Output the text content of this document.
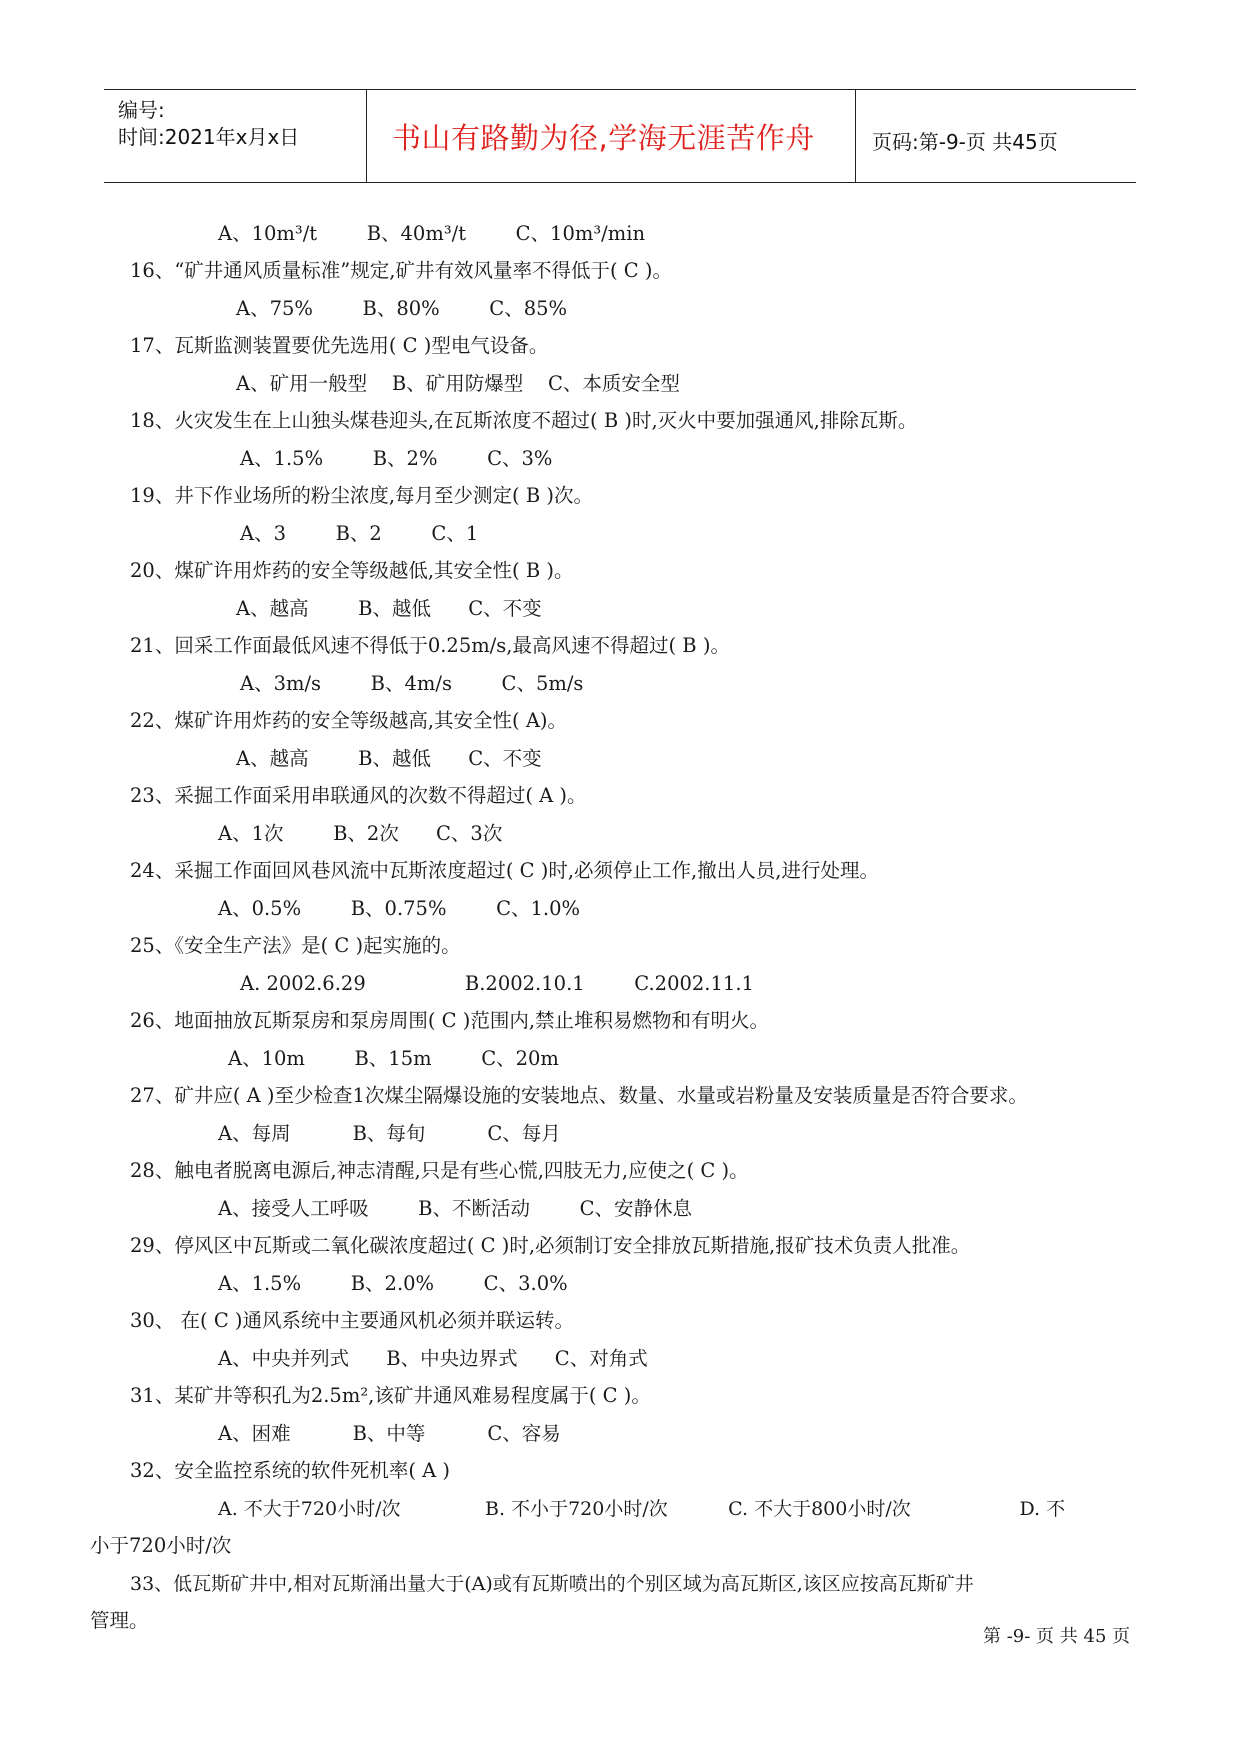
编号:
时间:2021年x月x日	书山有路勤为径,学海无涯苦作舟	页码:第-9-页 共45页
A、10m³/t        B、40m³/t        C、10m³/min
16、“矿井通风质量标准”规定,矿井有效风量率不得低于( C )。
A、75%        B、80%        C、85%
17、瓦斯监测装置要优先选用( C )型电气设备。
A、矿用一般型    B、矿用防爆型    C、本质安全型
18、火灾发生在上山独头煤巷迎头,在瓦斯浓度不超过( B )时,灭火中要加强通风,排除瓦斯。
A、1.5%        B、2%        C、3%
19、井下作业场所的粉尘浓度,每月至少测定( B )次。
A、3        B、2        C、1
20、煤矿许用炸药的安全等级越低,其安全性( B )。
A、越高        B、越低      C、不变
21、回采工作面最低风速不得低于0.25m/s,最高风速不得超过( B )。
A、3m/s        B、4m/s        C、5m/s
22、煤矿许用炸药的安全等级越高,其安全性( A)。
A、越高        B、越低      C、不变
23、采掘工作面采用串联通风的次数不得超过( A )。
A、1次        B、2次      C、3次
24、采掘工作面回风巷风流中瓦斯浓度超过( C )时,必须停止工作,撤出人员,进行处理。
A、0.5%        B、0.75%        C、1.0%
25、《安全生产法》是( C )起实施的。
A. 2002.6.29                B.2002.10.1        C.2002.11.1
26、地面抽放瓦斯泵房和泵房周围( C )范围内,禁止堆积易燃物和有明火。
A、10m        B、15m        C、20m
27、矿井应( A )至少检查1次煤尘隔爆设施的安装地点、数量、水量或岩粉量及安装质量是否符合要求。
A、每周          B、每旬          C、每月
28、触电者脱离电源后,神志清醒,只是有些心慌,四肢无力,应使之( C )。
A、接受人工呼吸        B、不断活动        C、安静休息
29、停风区中瓦斯或二氧化碳浓度超过( C )时,必须制订安全排放瓦斯措施,报矿技术负责人批准。
A、1.5%        B、2.0%        C、3.0%
30、 在( C )通风系统中主要通风机必须并联运转。
A、中央并列式      B、中央边界式      C、对角式
31、某矿井等积孔为2.5m²,该矿井通风难易程度属于( C )。
A、困难          B、中等          C、容易
32、安全监控系统的软件死机率( A )
A. 不大于720小时/次              B. 不小于720小时/次          C. 不大于800小时/次                  D. 不
小于720小时/次
33、低瓦斯矿井中,相对瓦斯涌出量大于(A)或有瓦斯喷出的个别区域为高瓦斯区,该区应按高瓦斯矿井
管理。
第 -9- 页 共 45 页
